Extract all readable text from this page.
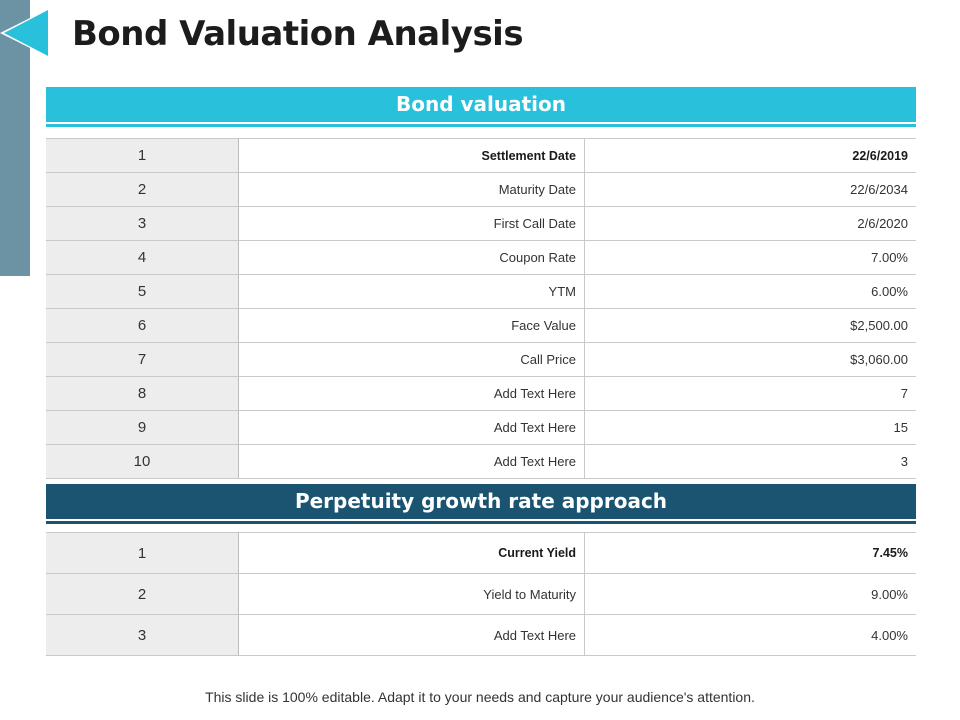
Bond Valuation Analysis
Bond valuation
1	Settlement Date	22/6/2019
2	Maturity Date	22/6/2034
3	First Call Date	2/6/2020
4	Coupon Rate	7.00%
5	YTM	6.00%
6	Face Value	$2,500.00
7	Call Price	$3,060.00
8	Add Text Here	7
9	Add Text Here	15
10	Add Text Here	3
Perpetuity growth rate approach
1	Current Yield	7.45%
2	Yield to Maturity	9.00%
3	Add Text Here	4.00%
This slide is 100% editable. Adapt it to your needs and capture your audience's attention.
